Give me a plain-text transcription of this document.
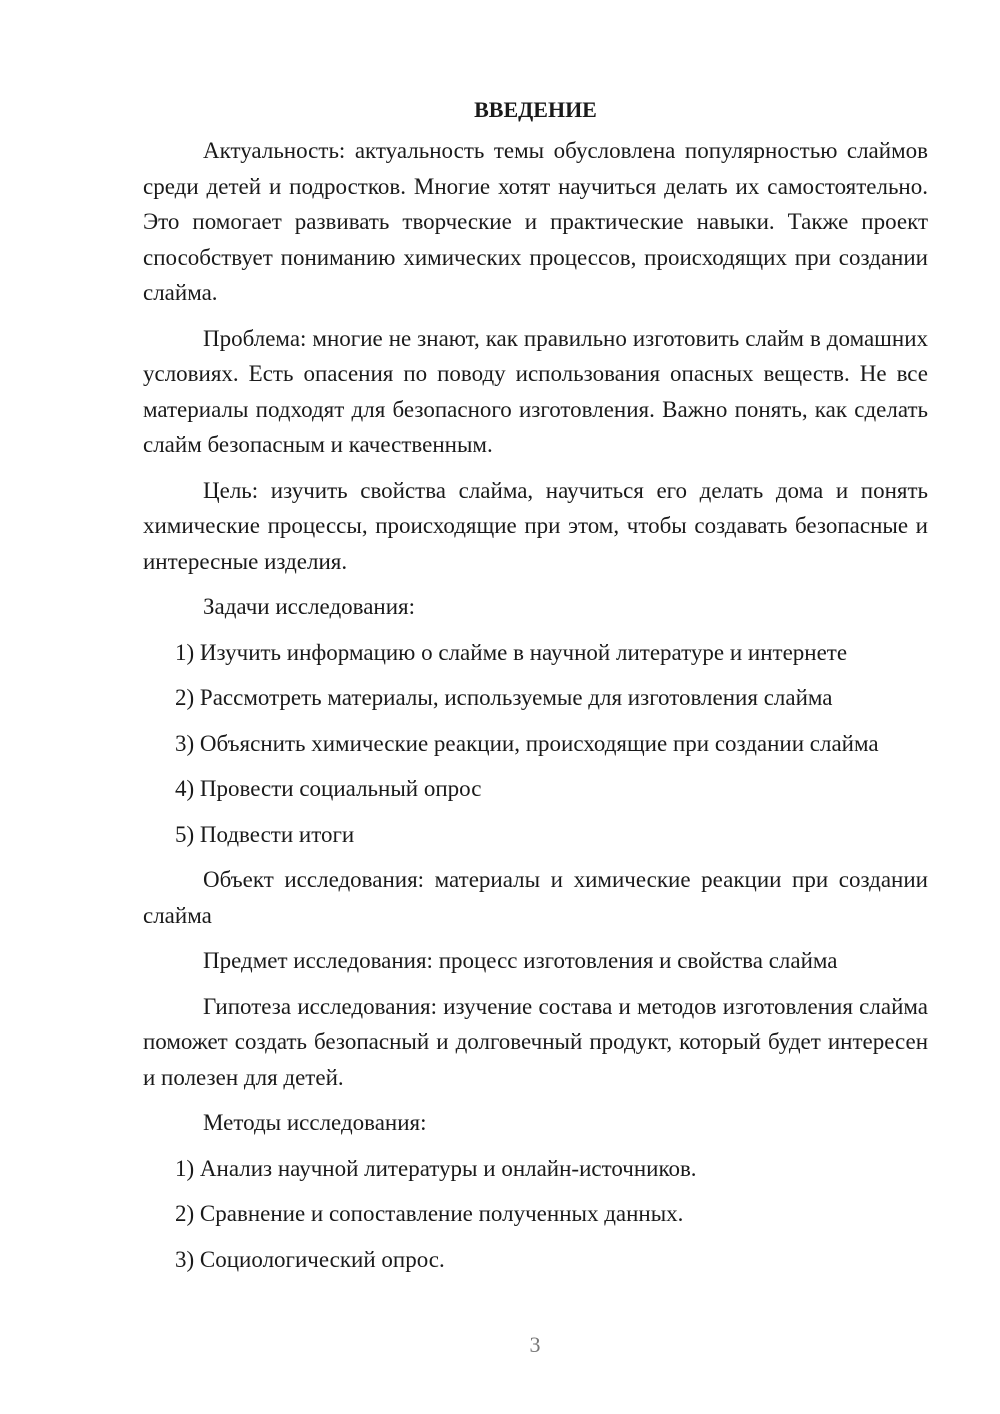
ВВЕДЕНИЕ

Актуальность: актуальность темы обусловлена популярностью слаймов среди детей и подростков. Многие хотят научиться делать их самостоятельно. Это помогает развивать творческие и практические навыки. Также проект способствует пониманию химических процессов, происходящих при создании слайма.

Проблема: многие не знают, как правильно изготовить слайм в домашних условиях. Есть опасения по поводу использования опасных веществ. Не все материалы подходят для безопасного изготовления. Важно понять, как сделать слайм безопасным и качественным.

Цель: изучить свойства слайма, научиться его делать дома и понять химические процессы, происходящие при этом, чтобы создавать безопасные и интересные изделия.

Задачи исследования:

1) Изучить информацию о слайме в научной литературе и интернете

2) Рассмотреть материалы, используемые для изготовления слайма

3) Объяснить химические реакции, происходящие при создании слайма

4) Провести социальный опрос

5) Подвести итоги

Объект исследования: материалы и химические реакции при создании слайма

Предмет исследования: процесс изготовления и свойства слайма

Гипотеза исследования: изучение состава и методов изготовления слайма поможет создать безопасный и долговечный продукт, который будет интересен и полезен для детей.

Методы исследования:

1) Анализ научной литературы и онлайн-источников.

2) Сравнение и сопоставление полученных данных.

3) Социологический опрос.

3
